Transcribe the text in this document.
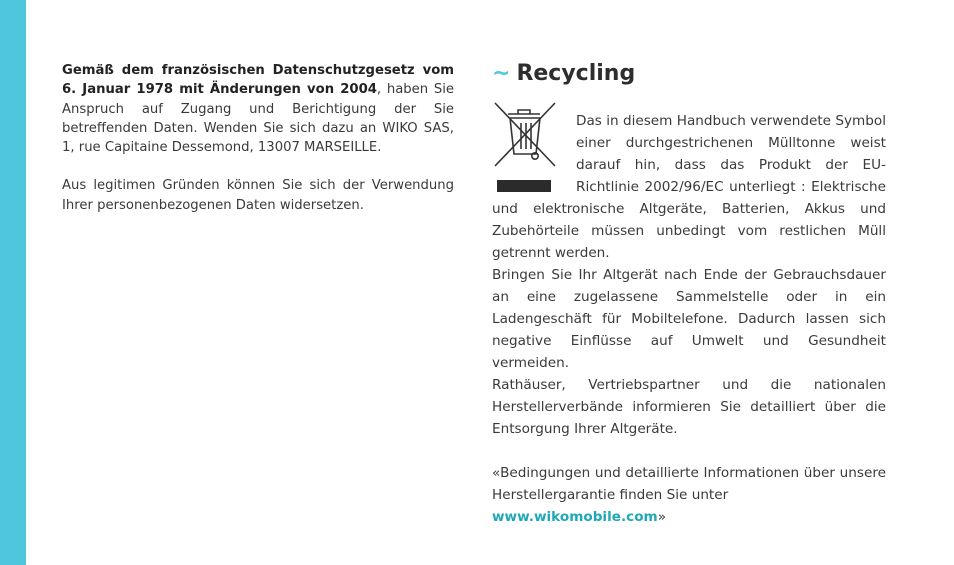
Gemäß dem französischen Datenschutzgesetz vom 6. Januar 1978 mit Änderungen von 2004, haben Sie Anspruch auf Zugang und Berichtigung der Sie betreffenden Daten. Wenden Sie sich dazu an WIKO SAS, 1, rue Capitaine Dessemond, 13007 MARSEILLE.

Aus legitimen Gründen können Sie sich der Verwendung Ihrer personenbezogenen Daten widersetzen.

~ Recycling

Das in diesem Handbuch verwendete Symbol einer durchgestrichenen Mülltonne weist darauf hin, dass das Produkt der EU-Richtlinie 2002/96/EC unterliegt : Elektrische und elektronische Altgeräte, Batterien, Akkus und Zubehörteile müssen unbedingt vom restlichen Müll getrennt werden.

Bringen Sie Ihr Altgerät nach Ende der Gebrauchsdauer an eine zugelassene Sammelstelle oder in ein Ladengeschäft für Mobiltelefone. Dadurch lassen sich negative Einflüsse auf Umwelt und Gesundheit vermeiden.

Rathäuser, Vertriebspartner und die nationalen Herstellerverbände informieren Sie detailliert über die Entsorgung Ihrer Altgeräte.

«Bedingungen und detaillierte Informationen über unsere Herstellergarantie finden Sie unter
www.wikomobile.com»
